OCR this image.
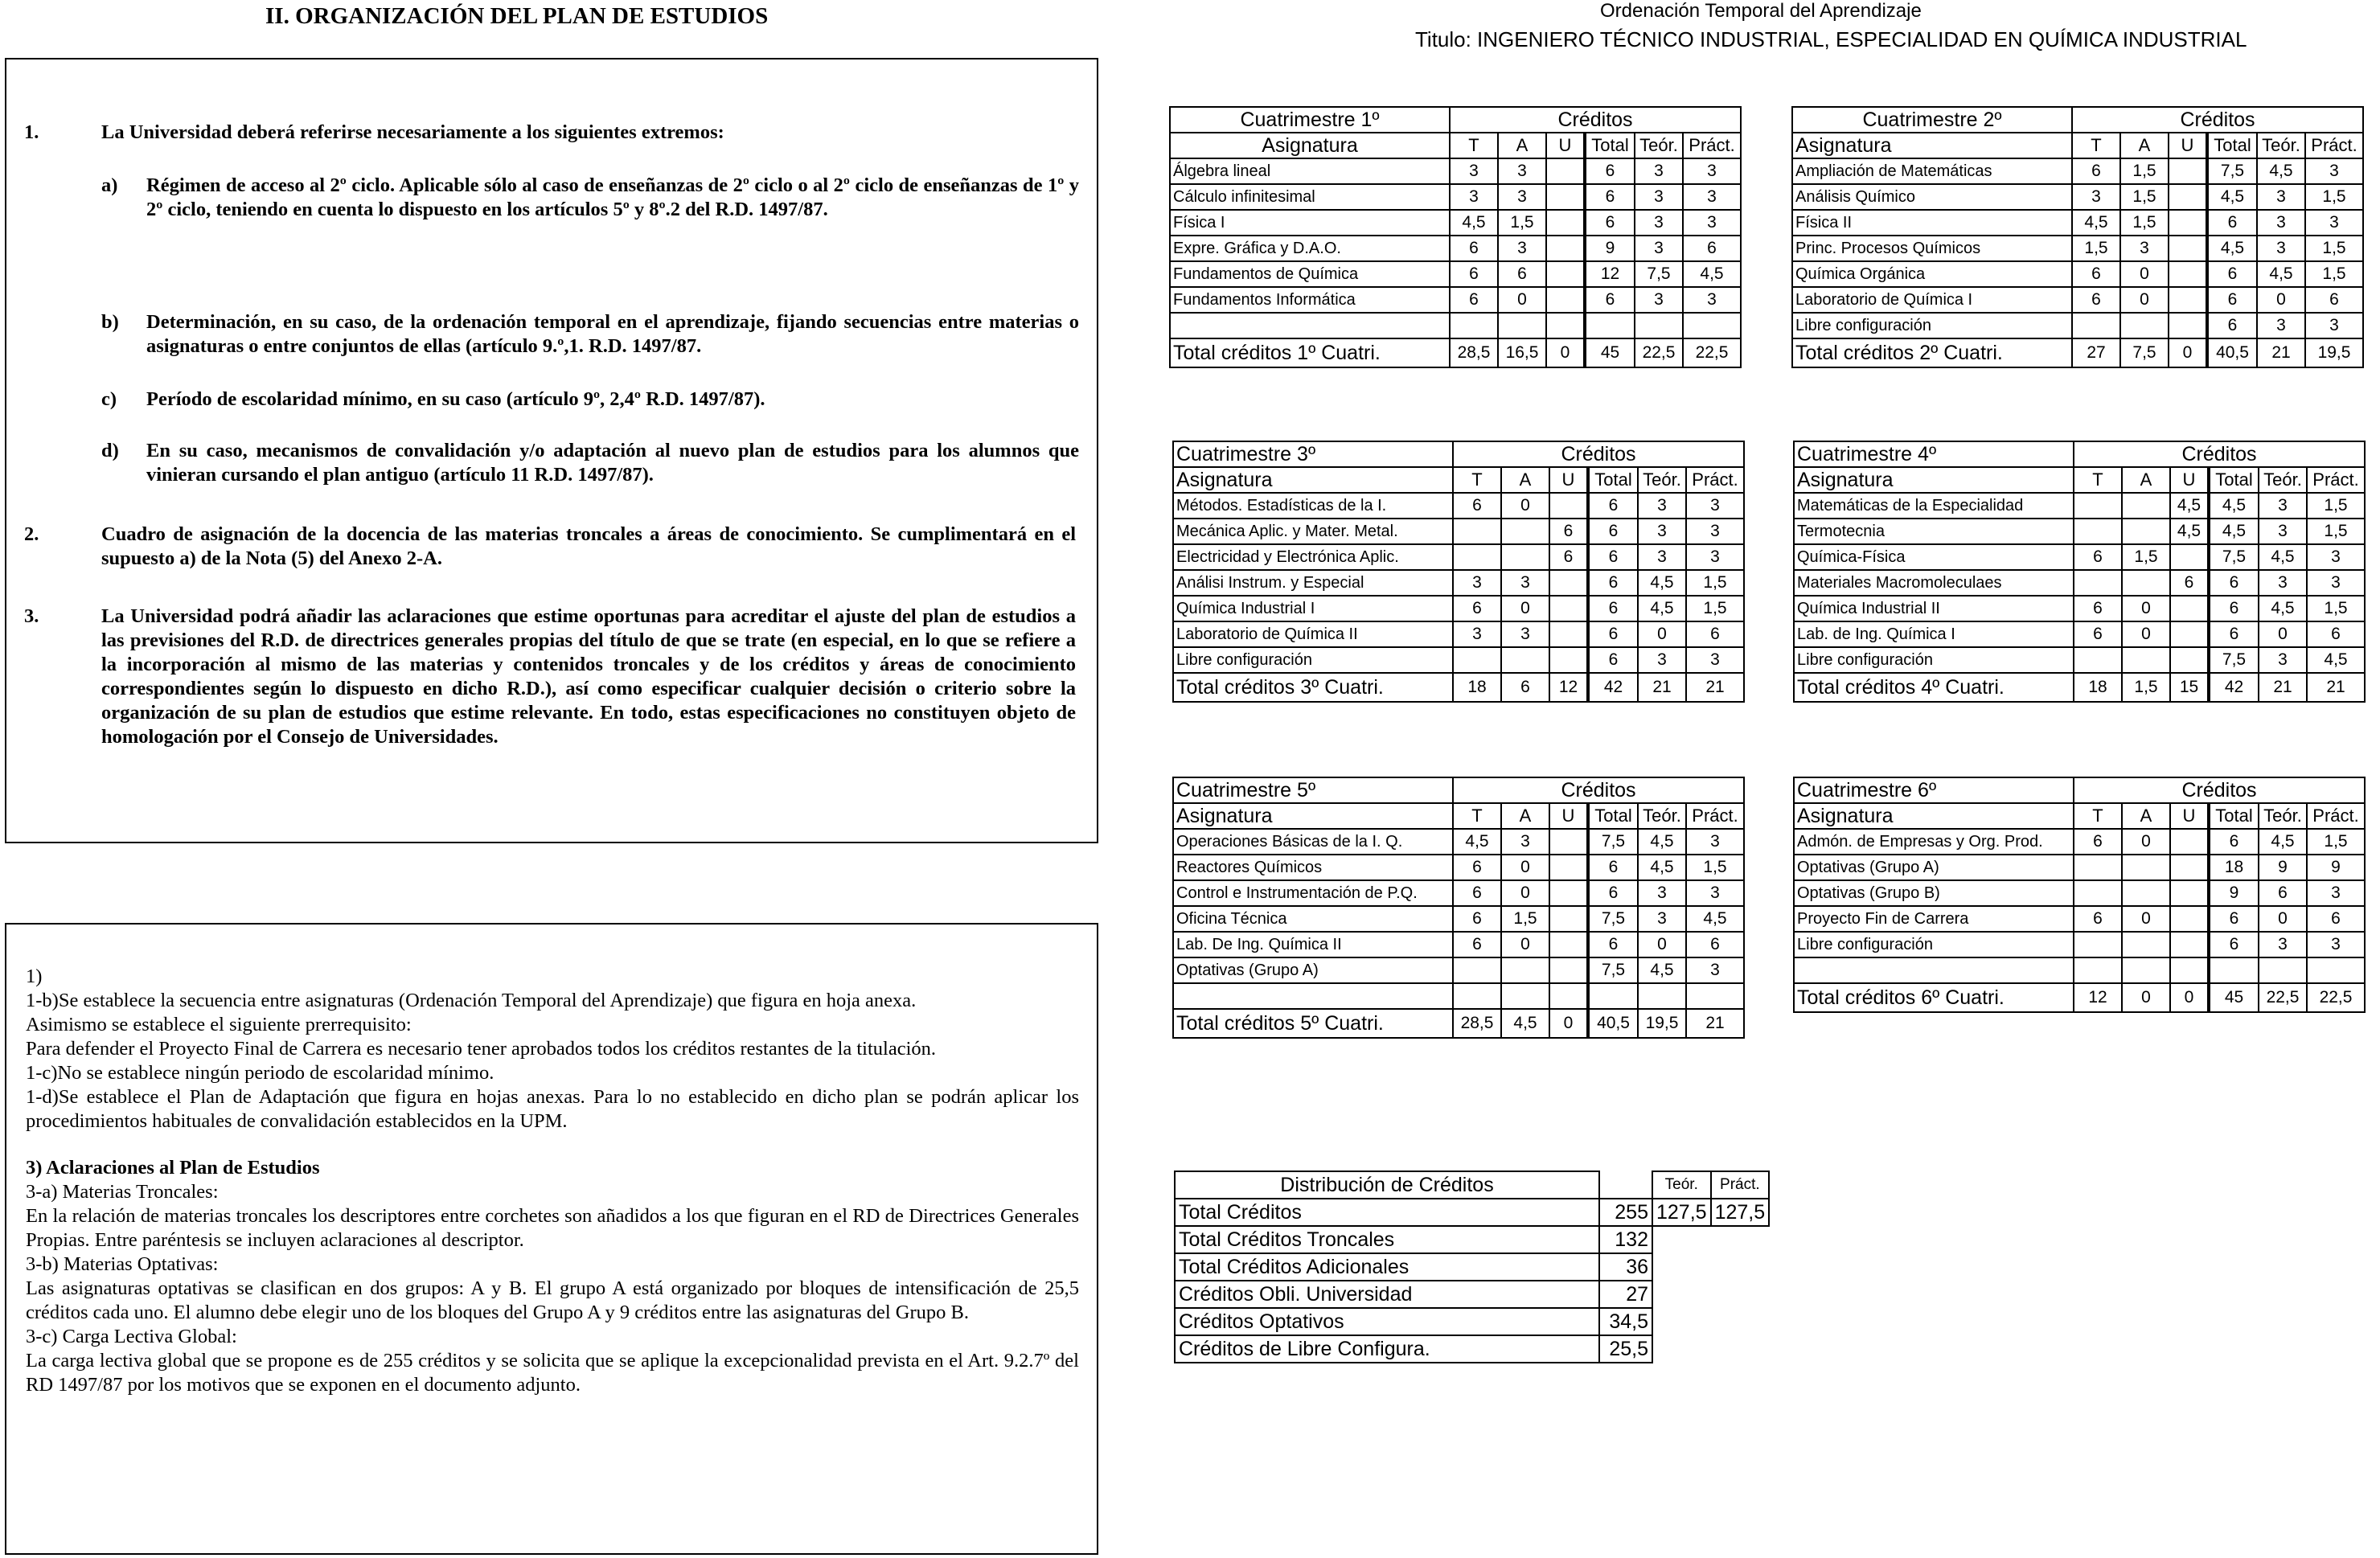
II. ORGANIZACIÓN DEL PLAN DE ESTUDIOS	Ordenación Temporal del Aprendizaje
Titulo: INGENIERO TÉCNICO INDUSTRIAL, ESPECIALIDAD EN QUÍMICA INDUSTRIAL
1.	La Universidad deberá referirse necesariamente a los siguientes extremos:
a) Régimen de acceso al 2º ciclo. Aplicable sólo al caso de enseñanzas de 2º ciclo o al 2º ciclo de enseñanzas de 1º y 2º ciclo, teniendo en cuenta lo dispuesto en los artículos 5º y 8º.2 del R.D. 1497/87.
b) Determinación, en su caso, de la ordenación temporal en el aprendizaje, fijando secuencias entre materias o asignaturas o entre conjuntos de ellas (artículo 9.º,1. R.D. 1497/87.
c) Período de escolaridad mínimo, en su caso (artículo 9º, 2,4º R.D. 1497/87).
d) En su caso, mecanismos de convalidación y/o adaptación al nuevo plan de estudios para los alumnos que vinieran cursando el plan antiguo (artículo 11 R.D. 1497/87).
2.	Cuadro de asignación de la docencia de las materias troncales a áreas de conocimiento. Se cumplimentará en el supuesto a) de la Nota (5) del Anexo 2-A.
3.	La Universidad podrá añadir las aclaraciones que estime oportunas para acreditar el ajuste del plan de estudios a las previsiones del R.D. de directrices generales propias del título de que se trate (en especial, en lo que se refiere a la incorporación al mismo de las materias y contenidos troncales y de los créditos y áreas de conocimiento correspondientes según lo dispuesto en dicho R.D.), así como especificar cualquier decisión o criterio sobre la organización de su plan de estudios que estime relevante. En todo, estas especificaciones no constituyen objeto de homologación por el Consejo de Universidades.
1)
1-b)Se establece la secuencia entre asignaturas (Ordenación Temporal del Aprendizaje) que figura en hoja anexa.
Asimismo se establece el siguiente prerrequisito:
Para defender el Proyecto Final de Carrera es necesario tener aprobados todos los créditos restantes de la titulación.
1-c)No se establece ningún periodo de escolaridad mínimo.
1-d)Se establece el Plan de Adaptación que figura en hojas anexas. Para lo no establecido en dicho plan se podrán aplicar los procedimientos habituales de convalidación establecidos en la UPM.
3) Aclaraciones al Plan de Estudios
3-a) Materias Troncales:
En la relación de materias troncales los descriptores entre corchetes son añadidos a los que figuran en el RD de Directrices Generales Propias. Entre paréntesis se incluyen aclaraciones al descriptor.
3-b) Materias Optativas:
Las asignaturas optativas se clasifican en dos grupos: A y B. El grupo A está organizado por bloques de intensificación de 25,5 créditos cada uno. El alumno debe elegir uno de los bloques del Grupo A y 9 créditos entre las asignaturas del Grupo B.
3-c) Carga Lectiva Global:
La carga lectiva global que se propone es de 255 créditos y se solicita que se aplique la excepcionalidad prevista en el Art. 9.2.7º del RD 1497/87 por los motivos que se exponen en el documento adjunto.
Cuatrimestre 1º	Créditos					
Asignatura	T	A	U	Total	Teór.	Práct.
Álgebra lineal	3	3		6	3	3
Cálculo infinitesimal	3	3		6	3	3
Física I	4,5	1,5		6	3	3
Expre. Gráfica y D.A.O.	6	3		9	3	6
Fundamentos de Química	6	6		12	7,5	4,5
Fundamentos Informática	6	0		6	3	3

Total créditos 1º Cuatri.	28,5	16,5	0	45	22,5	22,5
Cuatrimestre 2º	Créditos					
Asignatura	T	A	U	Total	Teór.	Práct.
Ampliación de Matemáticas	6	1,5		7,5	4,5	3
Análisis Químico	3	1,5		4,5	3	1,5
Física II	4,5	1,5		6	3	3
Princ. Procesos Químicos	1,5	3		4,5	3	1,5
Química Orgánica	6	0		6	4,5	1,5
Laboratorio de Química I	6	0		6	0	6
Libre configuración				6	3	3
Total créditos 2º Cuatri.	27	7,5	0	40,5	21	19,5
Cuatrimestre 3º	Créditos					
Asignatura	T	A	U	Total	Teór.	Práct.
Métodos. Estadísticas de la I.	6	0		6	3	3
Mecánica Aplic. y Mater. Metal.			6	6	3	3
Electricidad y Electrónica Aplic.			6	6	3	3
Análisi Instrum. y Especial	3	3		6	4,5	1,5
Química Industrial I	6	0		6	4,5	1,5
Laboratorio de Química II	3	3		6	0	6
Libre configuración				6	3	3
Total créditos 3º Cuatri.	18	6	12	42	21	21
Cuatrimestre 4º	Créditos					
Asignatura	T	A	U	Total	Teór.	Práct.
Matemáticas de la Especialidad			4,5	4,5	3	1,5
Termotecnia			4,5	4,5	3	1,5
Química-Física	6	1,5		7,5	4,5	3
Materiales Macromoleculaes			6	6	3	3
Química Industrial II	6	0		6	4,5	1,5
Lab. de Ing. Química I	6	0		6	0	6
Libre configuración				7,5	3	4,5
Total créditos 4º Cuatri.	18	1,5	15	42	21	21
Cuatrimestre 5º	Créditos					
Asignatura	T	A	U	Total	Teór.	Práct.
Operaciones Básicas de la I. Q.	4,5	3		7,5	4,5	3
Reactores Químicos	6	0		6	4,5	1,5
Control e Instrumentación de P.Q.	6	0		6	3	3
Oficina Técnica	6	1,5		7,5	3	4,5
Lab. De Ing. Química II	6	0		6	0	6
Optativas (Grupo A)				7,5	4,5	3

Total créditos 5º Cuatri.	28,5	4,5	0	40,5	19,5	21
Cuatrimestre 6º	Créditos					
Asignatura	T	A	U	Total	Teór.	Práct.
Admón. de Empresas y Org. Prod.	6	0		6	4,5	1,5
Optativas (Grupo A)				18	9	9
Optativas (Grupo B)				9	6	3
Proyecto Fin de Carrera	6	0		6	0	6
Libre configuración				6	3	3

Total créditos 6º Cuatri.	12	0	0	45	22,5	22,5
Distribución de Créditos		Teór.	Práct.
Total Créditos	255	127,5	127,5
Total Créditos Troncales	132		
Total Créditos Adicionales	36		
Créditos Obli. Universidad	27		
Créditos Optativos	34,5		
Créditos de Libre Configura.	25,5		
